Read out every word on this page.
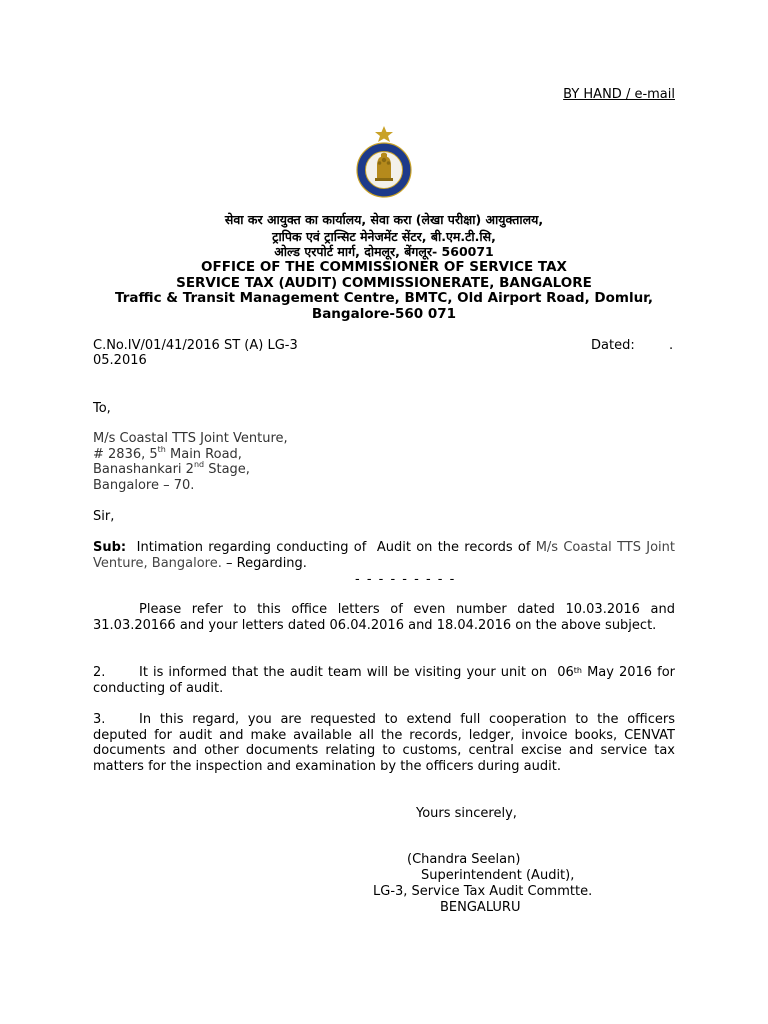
BY HAND / e-mail

सेवा कर आयुक्त का कार्यालय, सेवा करा (लेखा परीक्षा) आयुक्तालय,

ट्रापिक एवं ट्रान्सिट मेनेजमेंट सेंटर, बी.एम.टी.सि,

ओल्ड एरपोर्ट मार्ग, दोमलूर, बेंगलूर- 560071

OFFICE OF THE COMMISSIONER OF SERVICE TAX

SERVICE TAX (AUDIT) COMMISSIONERATE, BANGALORE

Traffic & Transit Management Centre, BMTC, Old Airport Road, Domlur,

Bangalore-560 071

C.No.IV/01/41/2016 ST (A) LG-3	Dated:	.

05.2016

To,

M/s Coastal TTS Joint Venture,

# 2836, 5th Main Road,

Banashankari 2nd Stage,

Bangalore – 70.

Sir,

Sub:  Intimation regarding conducting of  Audit on the records of M/s Coastal TTS Joint Venture, Bangalore. – Regarding.

- - - - - - - - -

Please refer to this office letters of even number dated 10.03.2016 and 31.03.20166 and your letters dated 06.04.2016 and 18.04.2016 on the above subject.

2.	It is informed that the audit team will be visiting your unit on  06th May 2016 for conducting of audit.

3.	In this regard, you are requested to extend full cooperation to the officers deputed for audit and make available all the records, ledger, invoice books, CENVAT documents and other documents relating to customs, central excise and service tax matters for the inspection and examination by the officers during audit.

Yours sincerely,

(Chandra Seelan)

Superintendent (Audit),

LG-3, Service Tax Audit Commtte.

BENGALURU
